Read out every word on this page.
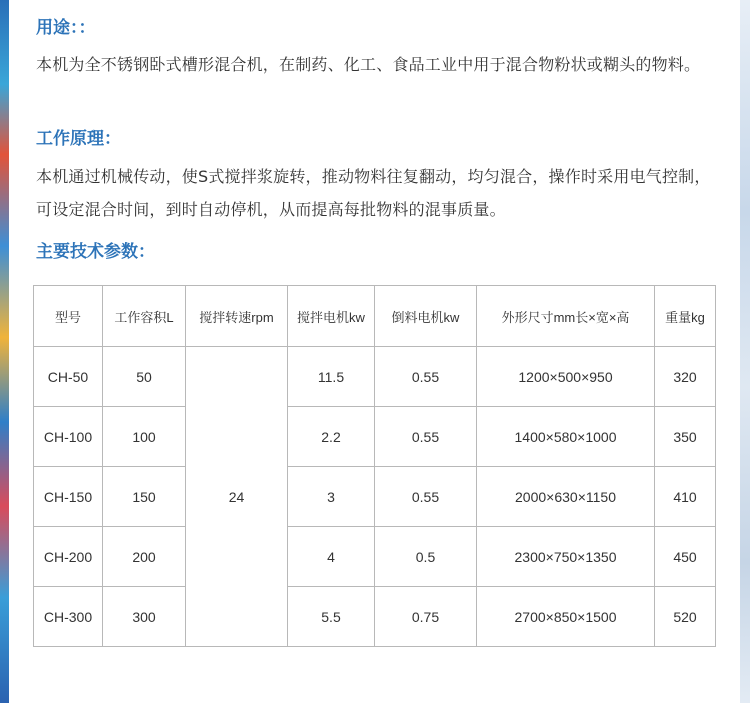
用途：：

本机为全不锈钢卧式槽形混合机，在制药、化工、食品工业中用于混合物粉状或糊头的物料。

工作原理：

本机通过机械传动，使S式搅拌浆旋转，推动物料往复翻动，均匀混合，操作时采用电气控制，可设定混合时间，到时自动停机，从而提高每批物料的混事质量。

主要技术参数：
型号	工作容积L	搅拌转速rpm	搅拌电机kw	倒料电机kw	外形尺寸mm长×宽×高	重量kg
CH-50	50	24	11.5	0.55	1200×500×950	320
CH-100	100		2.2	0.55	1400×580×1000	350
CH-150	150		3	0.55	2000×630×1150	410
CH-200	200		4	0.5	2300×750×1350	450
CH-300	300		5.5	0.75	2700×850×1500	520
